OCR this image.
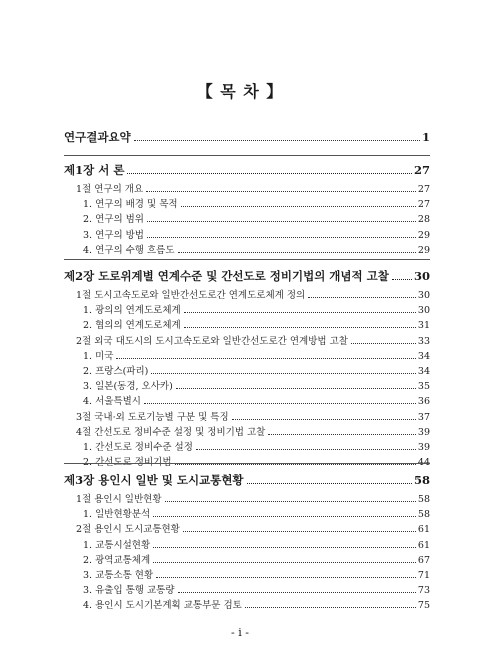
【 목 차 】
연구결과요약	1
제1장 서 론	27
1절 연구의 개요	27
1. 연구의 배경 및 목적	27
2. 연구의 범위	28
3. 연구의 방법	29
4. 연구의 수행 흐름도	29
제2장 도로위계별 연계수준 및 간선도로 정비기법의 개념적 고찰 30
1절 도시고속도로와 일반간선도로간 연계도로체계 정의	30
1. 광의의 연계도로체계	30
2. 협의의 연계도로체계	31
2절 외국 대도시의 도시고속도로와 일반간선도로간 연계방법 고찰	33
1. 미국	34
2. 프랑스(파리)	34
3. 일본(동경, 오사카)	35
4. 서울특별시	36
3절 국내·외 도로기능별 구분 및 특징	37
4절 간선도로 정비수준 설정 및 정비기법 고찰	39
1. 간선도로 정비수준 설정	39
2. 간선도로 정비기법	44
제3장 용인시 일반 및 도시교통현황	58
1절 용인시 일반현황	58
1. 일반현황분석	58
2절 용인시 도시교통현황	61
1. 교통시설현황	61
2. 광역교통체계	67
3. 교통소통 현황	71
3. 유출입 통행 교통량	73
4. 용인시 도시기본계획 교통부문 검토	75
- i -
